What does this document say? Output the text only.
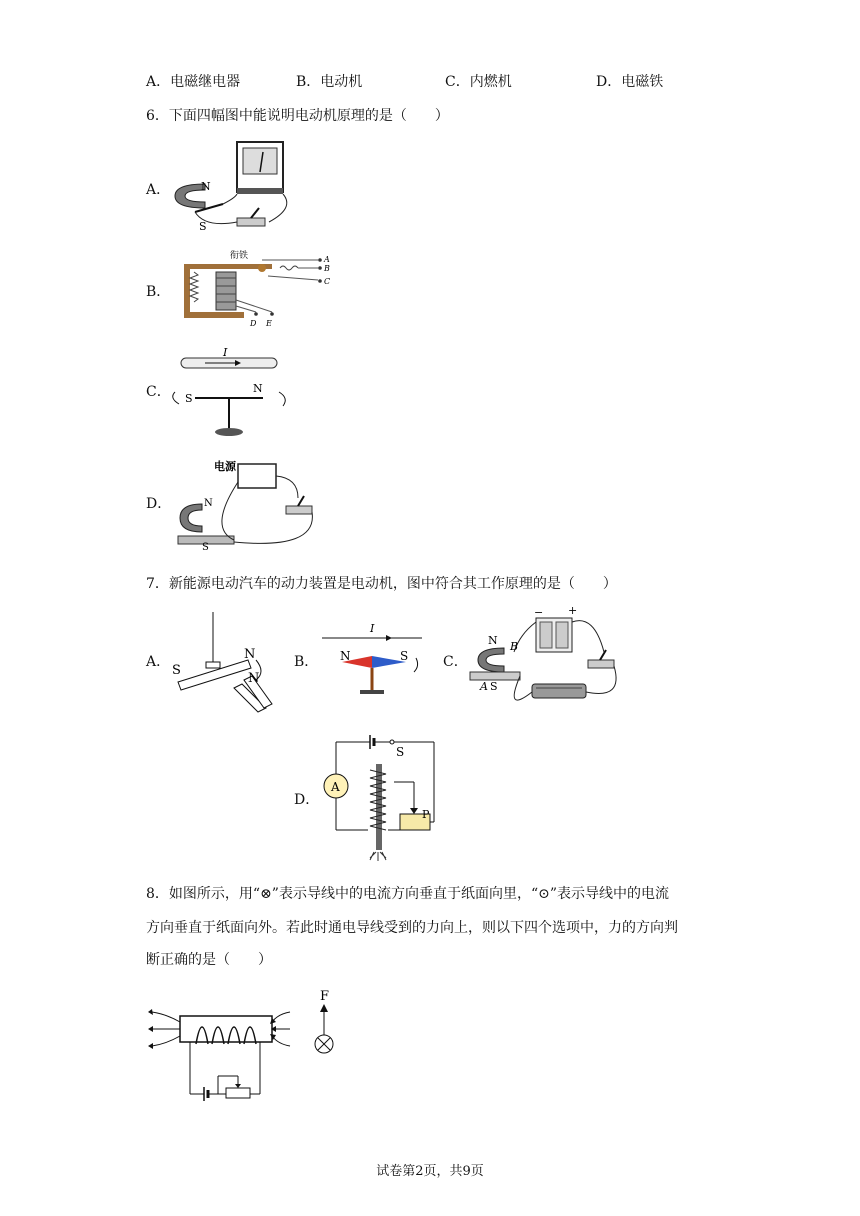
A．电磁继电器	B．电动机	C．内燃机	D．电磁铁
6．下面四幅图中能说明电动机原理的是（　　）
A．	N
S
B．
衔铁	A
B
C
D E
C．
I
S
N
D．
电源
N
S
7．新能源电动汽车的动力装置是电动机，图中符合其工作原理的是（　　）
A．
S
N
N
B．
I
N	S C．
N B
A S
+
−
D．
A
S
P
8．如图所示，用“⊗”表示导线中的电流方向垂直于纸面向里，“⊙”表示导线中的电流
方向垂直于纸面向外。若此时通电导线受到的力向上，则以下四个选项中，力的方向判
断正确的是（　　）
F
试卷第2页，共9页
